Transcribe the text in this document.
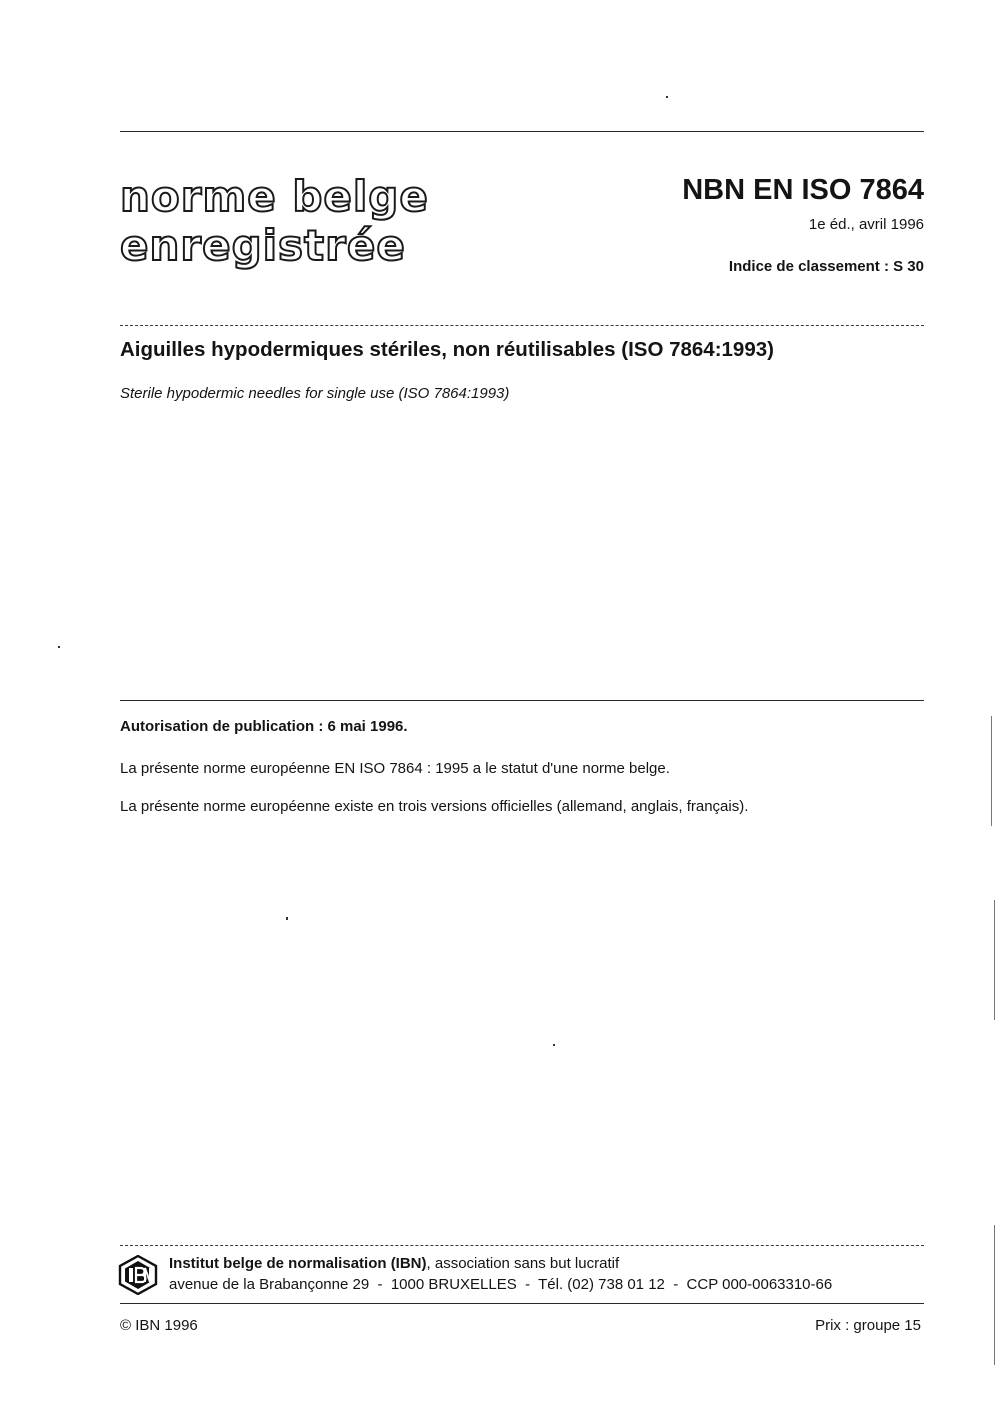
norme belge
enregistrée
NBN EN ISO 7864
1e éd., avril 1996
Indice de classement : S 30
Aiguilles hypodermiques stériles, non réutilisables (ISO 7864:1993)
Sterile hypodermic needles for single use (ISO 7864:1993)
Autorisation de publication : 6 mai 1996.
La présente norme européenne EN ISO 7864 : 1995 a le statut d'une norme belge.
La présente norme européenne existe en trois versions officielles (allemand, anglais, français).
Institut belge de normalisation (IBN), association sans but lucratif
avenue de la Brabançonne 29  -  1000 BRUXELLES  -  Tél. (02) 738 01 12  -  CCP 000-0063310-66
© IBN 1996	Prix : groupe 15
